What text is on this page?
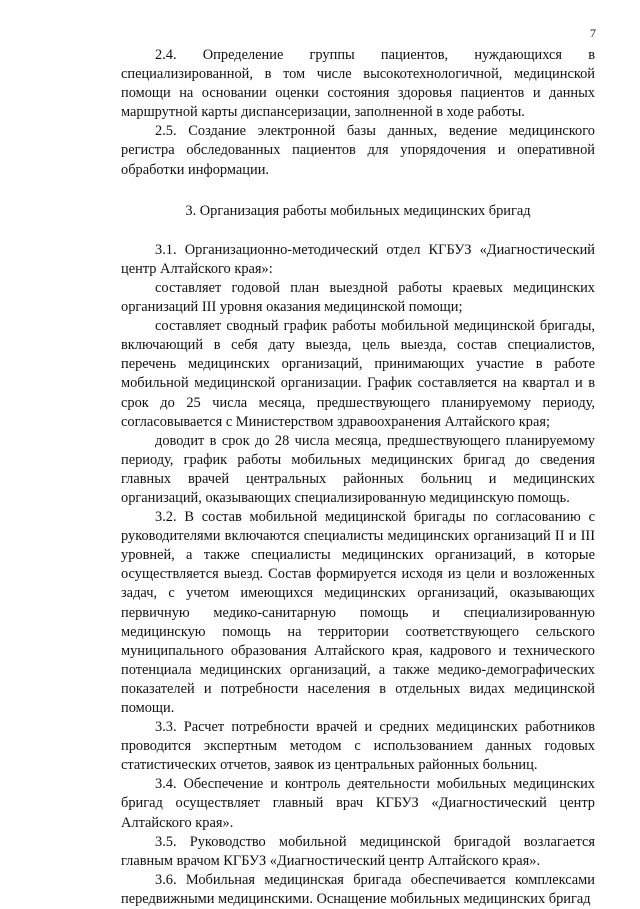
7

2.4. Определение группы пациентов, нуждающихся в специализированной, в том числе высокотехнологичной, медицинской помощи на основании оценки состояния здоровья пациентов и данных маршрутной карты диспансеризации, заполненной в ходе работы.

2.5. Создание электронной базы данных, ведение медицинского регистра обследованных пациентов для упорядочения и оперативной обработки информации.

3. Организация работы мобильных медицинских бригад

3.1. Организационно-методический отдел КГБУЗ «Диагностический центр Алтайского края»:

составляет годовой план выездной работы краевых медицинских организаций III уровня оказания медицинской помощи;

составляет сводный график работы мобильной медицинской бригады, включающий в себя дату выезда, цель выезда, состав специалистов, перечень медицинских организаций, принимающих участие в работе мобильной медицинской организации. График составляется на квартал и в срок до 25 числа месяца, предшествующего планируемому периоду, согласовывается с Министерством здравоохранения Алтайского края;

доводит в срок до 28 числа месяца, предшествующего планируемому периоду, график работы мобильных медицинских бригад до сведения главных врачей центральных районных больниц и медицинских организаций, оказывающих специализированную медицинскую помощь.

3.2. В состав мобильной медицинской бригады по согласованию с руководителями включаются специалисты медицинских организаций II и III уровней, а также специалисты медицинских организаций, в которые осуществляется выезд. Состав формируется исходя из цели и возложенных задач, с учетом имеющихся медицинских организаций, оказывающих первичную медико-санитарную помощь и специализированную медицинскую помощь на территории соответствующего сельского муниципального образования Алтайского края, кадрового и технического потенциала медицинских организаций, а также медико-демографических показателей и потребности населения в отдельных видах медицинской помощи.

3.3. Расчет потребности врачей и средних медицинских работников проводится экспертным методом с использованием данных годовых статистических отчетов, заявок из центральных районных больниц.

3.4. Обеспечение и контроль деятельности мобильных медицинских бригад осуществляет главный врач КГБУЗ «Диагностический центр Алтайского края».

3.5. Руководство мобильной медицинской бригадой возлагается главным врачом КГБУЗ «Диагностический центр Алтайского края».

3.6. Мобильная медицинская бригада обеспечивается комплексами передвижными медицинскими. Оснащение мобильных медицинских бригад
